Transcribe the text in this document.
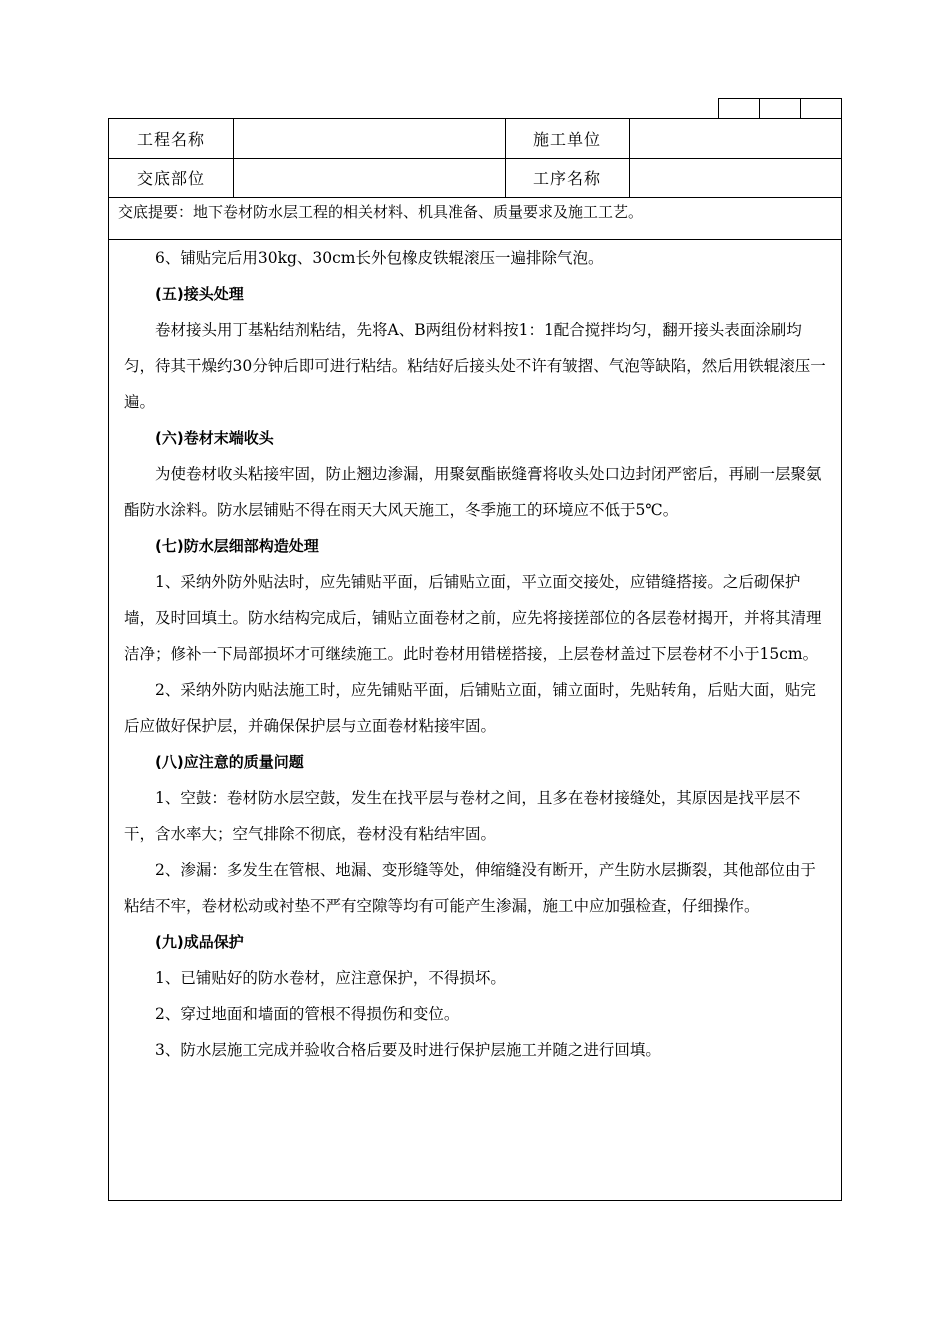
工程名称	施工单位
交底部位	工序名称
交底提要：地下卷材防水层工程的相关材料、机具准备、质量要求及施工工艺。

6、铺贴完后用30kg、30cm长外包橡皮铁辊滚压一遍排除气泡。

(五)接头处理

卷材接头用丁基粘结剂粘结，先将A、B两组份材料按1：1配合搅拌均匀，翻开接头表面涂刷均匀，待其干燥约30分钟后即可进行粘结。粘结好后接头处不许有皱摺、气泡等缺陷，然后用铁辊滚压一遍。

(六)卷材末端收头

为使卷材收头粘接牢固，防止翘边渗漏，用聚氨酯嵌缝膏将收头处口边封闭严密后，再刷一层聚氨酯防水涂料。防水层铺贴不得在雨天大风天施工，冬季施工的环境应不低于5℃。

(七)防水层细部构造处理

1、采纳外防外贴法时，应先铺贴平面，后铺贴立面，平立面交接处，应错缝搭接。之后砌保护墙，及时回填土。防水结构完成后，铺贴立面卷材之前，应先将接搓部位的各层卷材揭开，并将其清理洁净；修补一下局部损坏才可继续施工。此时卷材用错槎搭接，上层卷材盖过下层卷材不小于15cm。

2、采纳外防内贴法施工时，应先铺贴平面，后铺贴立面，铺立面时，先贴转角，后贴大面，贴完后应做好保护层，并确保保护层与立面卷材粘接牢固。

(八)应注意的质量问题

1、空鼓：卷材防水层空鼓，发生在找平层与卷材之间，且多在卷材接缝处，其原因是找平层不干，含水率大；空气排除不彻底，卷材没有粘结牢固。

2、渗漏：多发生在管根、地漏、变形缝等处，伸缩缝没有断开，产生防水层撕裂，其他部位由于粘结不牢，卷材松动或衬垫不严有空隙等均有可能产生渗漏，施工中应加强检查，仔细操作。

(九)成品保护

1、已铺贴好的防水卷材，应注意保护，不得损坏。

2、穿过地面和墙面的管根不得损伤和变位。

3、防水层施工完成并验收合格后要及时进行保护层施工并随之进行回填。
